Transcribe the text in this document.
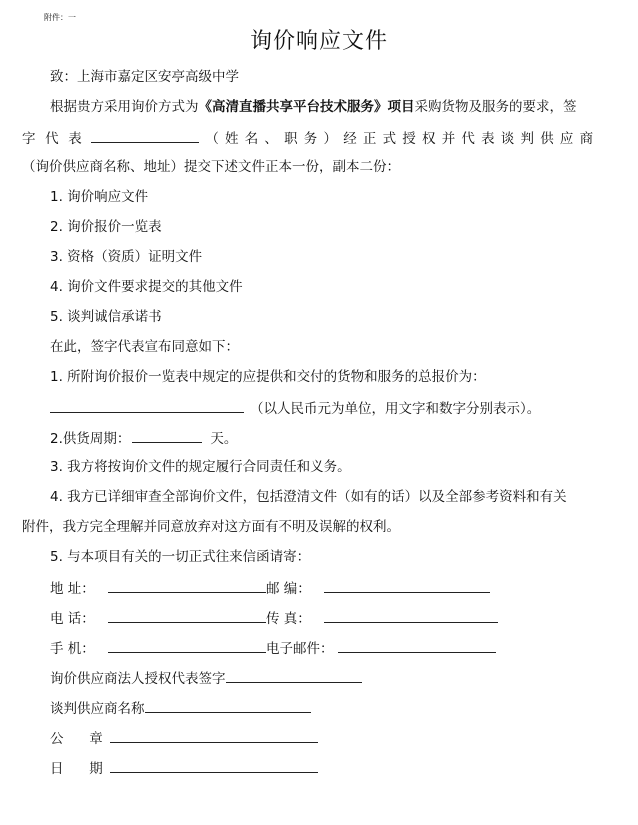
附件：一
询价响应文件
致：上海市嘉定区安亭高级中学
根据贵方采用询价方式为《高清直播共享平台技术服务》项目采购货物及服务的要求，签
字代表	（姓名、职务）经正式授权并代表谈判供应商
（询价供应商名称、地址）提交下述文件正本一份，副本二份：
1. 询价响应文件
2. 询价报价一览表
3. 资格（资质）证明文件
4. 询价文件要求提交的其他文件
5. 谈判诚信承诺书
在此，签字代表宣布同意如下：
1. 所附询价报价一览表中规定的应提供和交付的货物和服务的总报价为：
（以人民币元为单位，用文字和数字分别表示）。
2.供货周期：	天。
3. 我方将按询价文件的规定履行合同责任和义务。
4. 我方已详细审查全部询价文件，包括澄清文件（如有的话）以及全部参考资料和有关
附件，我方完全理解并同意放弃对这方面有不明及误解的权利。
5. 与本项目有关的一切正式往来信函请寄：
地 址：	邮 编：
电 话：	传 真：
手 机：	电子邮件：
询价供应商法人授权代表签字
谈判供应商名称
公      章
日      期
